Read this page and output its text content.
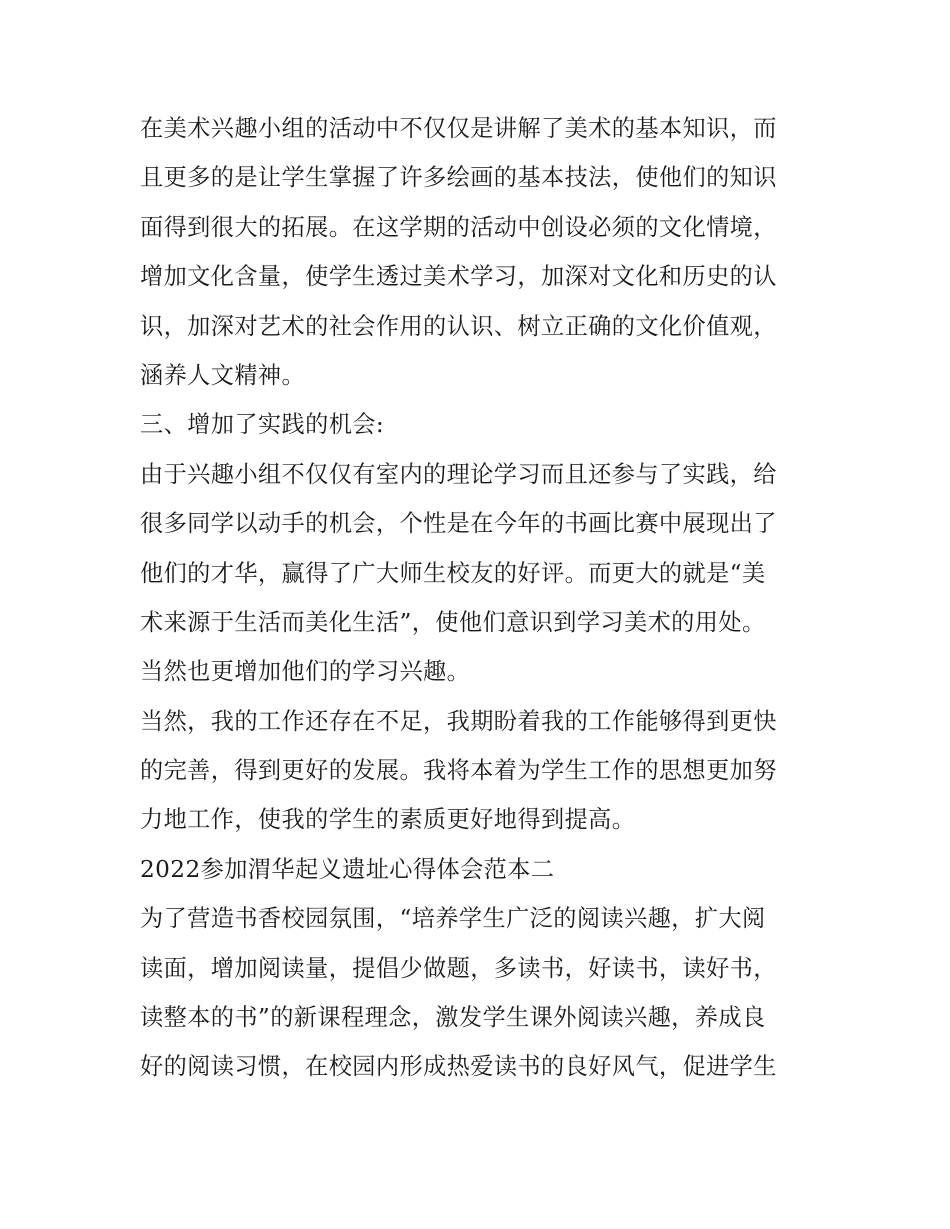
在美术兴趣小组的活动中不仅仅是讲解了美术的基本知识，而
且更多的是让学生掌握了许多绘画的基本技法，使他们的知识
面得到很大的拓展。在这学期的活动中创设必须的文化情境，
增加文化含量，使学生透过美术学习，加深对文化和历史的认
识，加深对艺术的社会作用的认识、树立正确的文化价值观，
涵养人文精神。
三、增加了实践的机会:
由于兴趣小组不仅仅有室内的理论学习而且还参与了实践，给
很多同学以动手的机会，个性是在今年的书画比赛中展现出了
他们的才华，赢得了广大师生校友的好评。而更大的就是“美
术来源于生活而美化生活”，使他们意识到学习美术的用处。
当然也更增加他们的学习兴趣。
当然，我的工作还存在不足，我期盼着我的工作能够得到更快
的完善，得到更好的发展。我将本着为学生工作的思想更加努
力地工作，使我的学生的素质更好地得到提高。
2022参加渭华起义遗址心得体会范本二
为了营造书香校园氛围，“培养学生广泛的阅读兴趣，扩大阅
读面，增加阅读量，提倡少做题，多读书，好读书，读好书，
读整本的书”的新课程理念，激发学生课外阅读兴趣，养成良
好的阅读习惯，在校园内形成热爱读书的良好风气，促进学生
